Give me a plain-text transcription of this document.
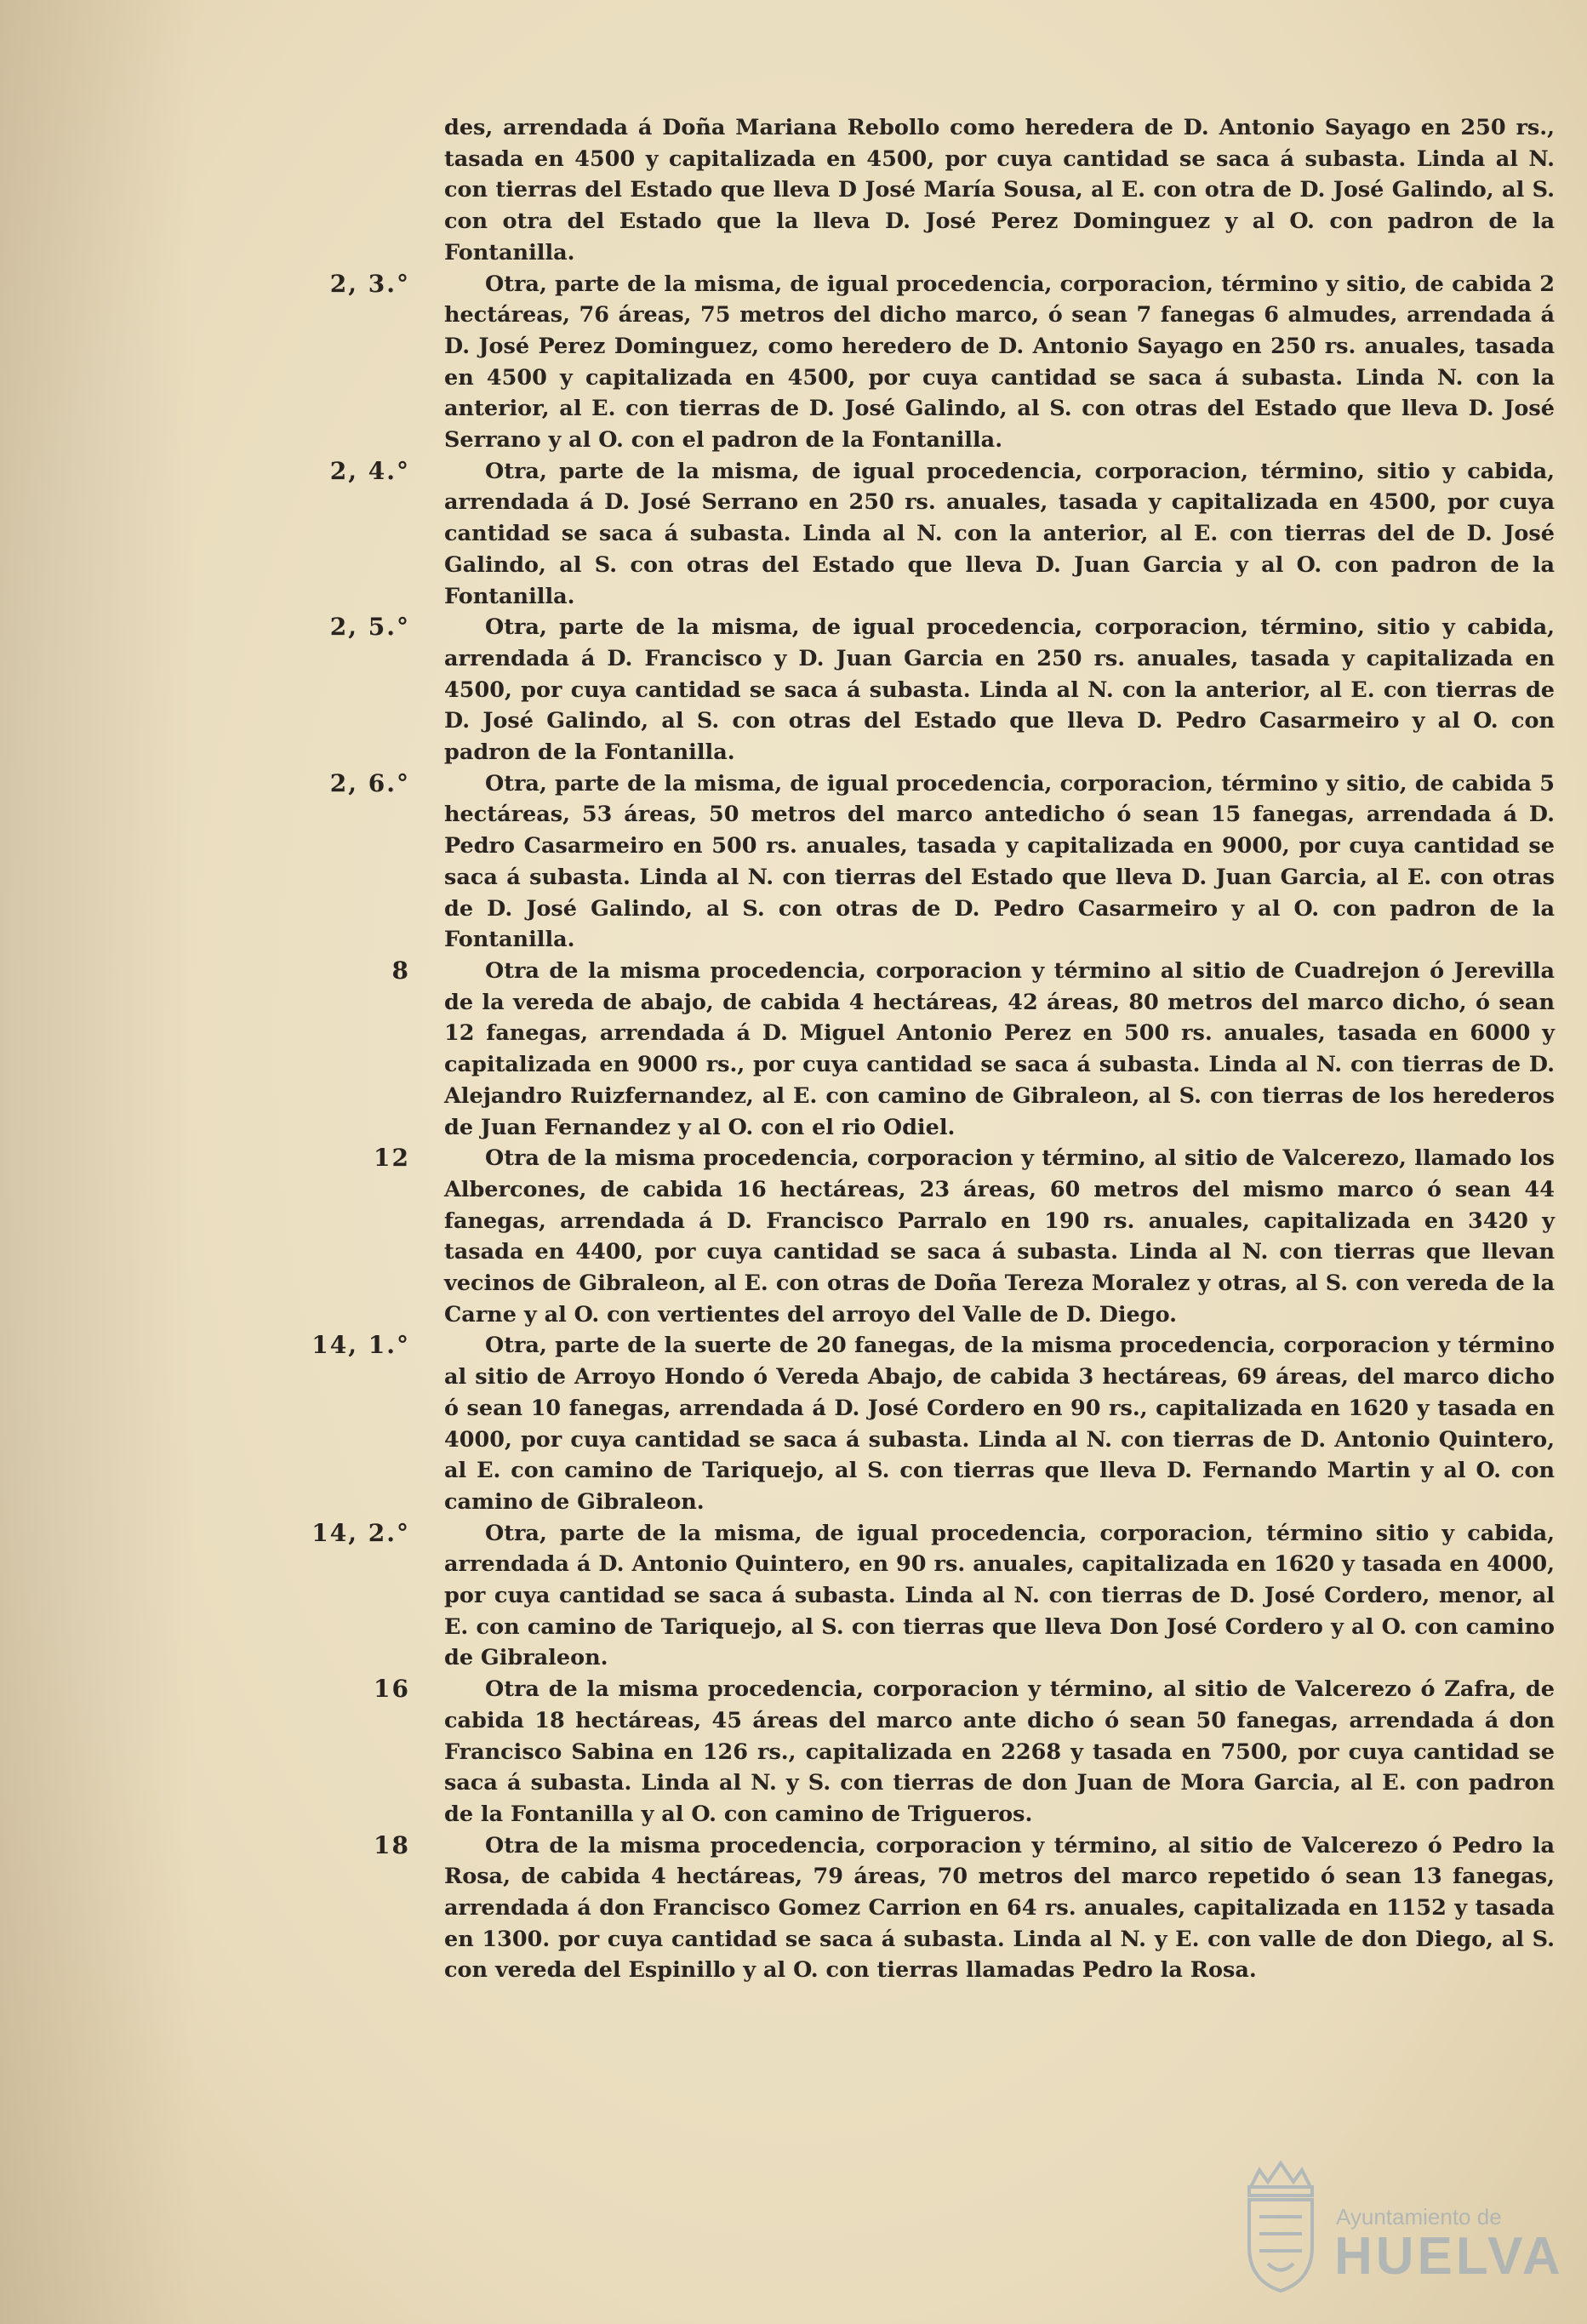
des, arrendada á Doña Mariana Rebollo como heredera de D. Antonio Sayago en 250 rs., tasada en 4500 y capitalizada en 4500, por cuya cantidad se saca á subasta. Linda al N. con tierras del Estado que lleva D José María Sousa, al E. con otra de D. José Galindo, al S. con otra del Estado que la lleva D. José Perez Dominguez y al O. con padron de la Fontanilla.

2, 3.°	Otra, parte de la misma, de igual procedencia, corporacion, término y sitio, de cabida 2 hectáreas, 76 áreas, 75 metros del dicho marco, ó sean 7 fanegas 6 almudes, arrendada á D. José Perez Dominguez, como heredero de D. Antonio Sayago en 250 rs. anuales, tasada en 4500 y capitalizada en 4500, por cuya cantidad se saca á subasta. Linda N. con la anterior, al E. con tierras de D. José Galindo, al S. con otras del Estado que lleva D. José Serrano y al O. con el padron de la Fontanilla.

2, 4.°	Otra, parte de la misma, de igual procedencia, corporacion, término, sitio y cabida, arrendada á D. José Serrano en 250 rs. anuales, tasada y capitalizada en 4500, por cuya cantidad se saca á subasta. Linda al N. con la anterior, al E. con tierras del de D. José Galindo, al S. con otras del Estado que lleva D. Juan Garcia y al O. con padron de la Fontanilla.

2, 5.°	Otra, parte de la misma, de igual procedencia, corporacion, término, sitio y cabida, arrendada á D. Francisco y D. Juan Garcia en 250 rs. anuales, tasada y capitalizada en 4500, por cuya cantidad se saca á subasta. Linda al N. con la anterior, al E. con tierras de D. José Galindo, al S. con otras del Estado que lleva D. Pedro Casarmeiro y al O. con padron de la Fontanilla.

2, 6.°	Otra, parte de la misma, de igual procedencia, corporacion, término y sitio, de cabida 5 hectáreas, 53 áreas, 50 metros del marco antedicho ó sean 15 fanegas, arrendada á D. Pedro Casarmeiro en 500 rs. anuales, tasada y capitalizada en 9000, por cuya cantidad se saca á subasta. Linda al N. con tierras del Estado que lleva D. Juan Garcia, al E. con otras de D. José Galindo, al S. con otras de D. Pedro Casarmeiro y al O. con padron de la Fontanilla.

8	Otra de la misma procedencia, corporacion y término al sitio de Cuadrejon ó Jerevilla de la vereda de abajo, de cabida 4 hectáreas, 42 áreas, 80 metros del marco dicho, ó sean 12 fanegas, arrendada á D. Miguel Antonio Perez en 500 rs. anuales, tasada en 6000 y capitalizada en 9000 rs., por cuya cantidad se saca á subasta. Linda al N. con tierras de D. Alejandro Ruizfernandez, al E. con camino de Gibraleon, al S. con tierras de los herederos de Juan Fernandez y al O. con el rio Odiel.

12	Otra de la misma procedencia, corporacion y término, al sitio de Valcerezo, llamado los Albercones, de cabida 16 hectáreas, 23 áreas, 60 metros del mismo marco ó sean 44 fanegas, arrendada á D. Francisco Parralo en 190 rs. anuales, capitalizada en 3420 y tasada en 4400, por cuya cantidad se saca á subasta. Linda al N. con tierras que llevan vecinos de Gibraleon, al E. con otras de Doña Tereza Moralez y otras, al S. con vereda de la Carne y al O. con vertientes del arroyo del Valle de D. Diego.

14, 1.°	Otra, parte de la suerte de 20 fanegas, de la misma procedencia, corporacion y término al sitio de Arroyo Hondo ó Vereda Abajo, de cabida 3 hectáreas, 69 áreas, del marco dicho ó sean 10 fanegas, arrendada á D. José Cordero en 90 rs., capitalizada en 1620 y tasada en 4000, por cuya cantidad se saca á subasta. Linda al N. con tierras de D. Antonio Quintero, al E. con camino de Tariquejo, al S. con tierras que lleva D. Fernando Martin y al O. con camino de Gibraleon.

14, 2.°	Otra, parte de la misma, de igual procedencia, corporacion, término sitio y cabida, arrendada á D. Antonio Quintero, en 90 rs. anuales, capitalizada en 1620 y tasada en 4000, por cuya cantidad se saca á subasta. Linda al N. con tierras de D. José Cordero, menor, al E. con camino de Tariquejo, al S. con tierras que lleva Don José Cordero y al O. con camino de Gibraleon.

16	Otra de la misma procedencia, corporacion y término, al sitio de Valcerezo ó Zafra, de cabida 18 hectáreas, 45 áreas del marco ante dicho ó sean 50 fanegas, arrendada á don Francisco Sabina en 126 rs., capitalizada en 2268 y tasada en 7500, por cuya cantidad se saca á subasta. Linda al N. y S. con tierras de don Juan de Mora Garcia, al E. con padron de la Fontanilla y al O. con camino de Trigueros.

18	Otra de la misma procedencia, corporacion y término, al sitio de Valcerezo ó Pedro la Rosa, de cabida 4 hectáreas, 79 áreas, 70 metros del marco repetido ó sean 13 fanegas, arrendada á don Francisco Gomez Carrion en 64 rs. anuales, capitalizada en 1152 y tasada en 1300. por cuya cantidad se saca á subasta. Linda al N. y E. con valle de don Diego, al S. con vereda del Espinillo y al O. con tierras llamadas Pedro la Rosa.

Ayuntamiento de
HUELVA
